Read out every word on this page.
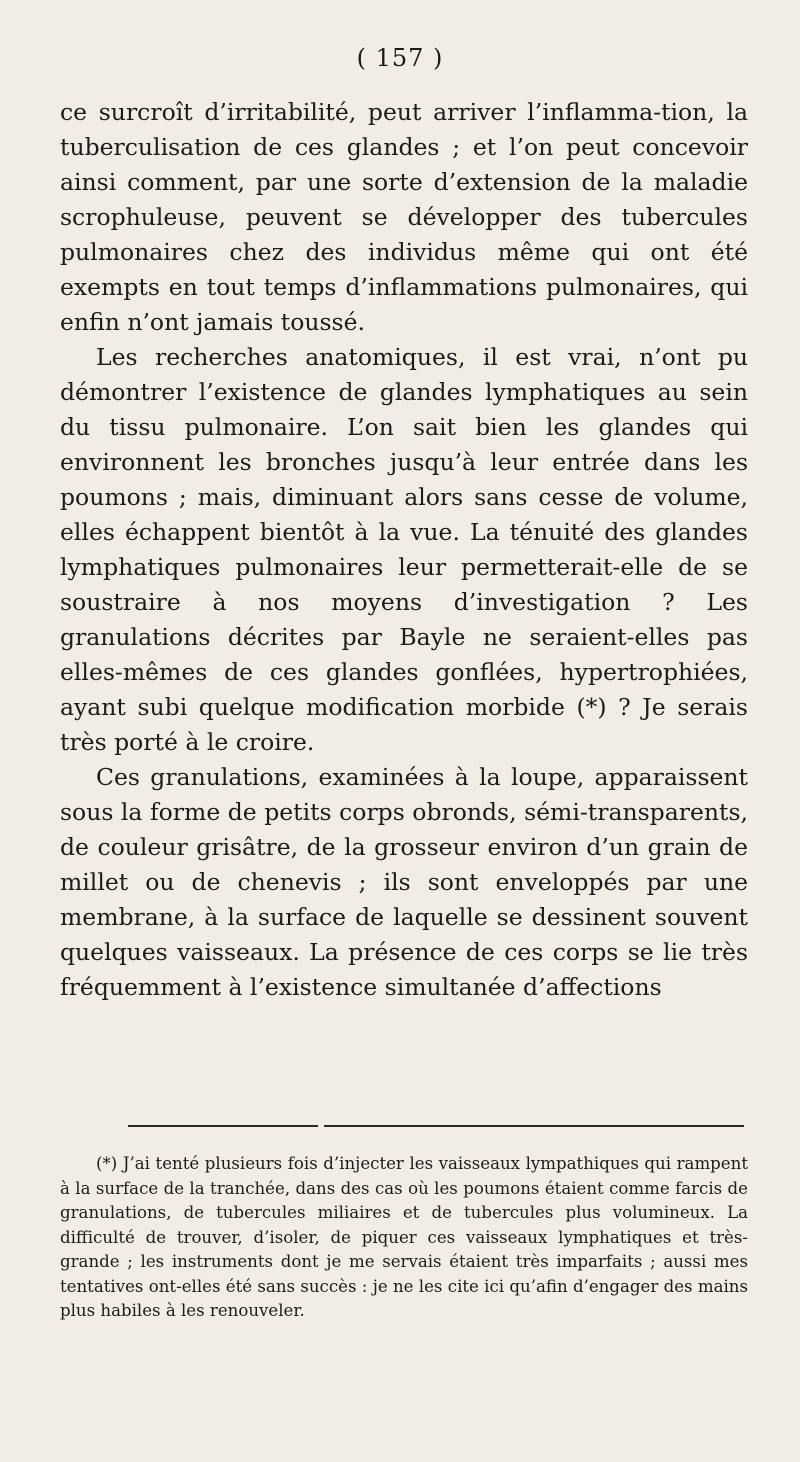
( 157 )

ce surcroît d’irritabilité, peut arriver l’inflamma-tion, la tuberculisation de ces glandes ; et l’on peut concevoir ainsi comment, par une sorte d’extension de la maladie scrophuleuse, peuvent se développer des tubercules pulmonaires chez des individus même qui ont été exempts en tout temps d’inflammations pulmonaires, qui enfin n’ont jamais toussé.

Les recherches anatomiques, il est vrai, n’ont pu démontrer l’existence de glandes lymphatiques au sein du tissu pulmonaire. L’on sait bien les glandes qui environnent les bronches jusqu’à leur entrée dans les poumons ; mais, diminuant alors sans cesse de volume, elles échappent bientôt à la vue. La ténuité des glandes lymphatiques pulmonaires leur permetterait-elle de se soustraire à nos moyens d’investigation ? Les granulations décrites par Bayle ne seraient-elles pas elles-mêmes de ces glandes gonflées, hypertrophiées, ayant subi quelque modification morbide (*) ? Je serais très porté à le croire.

Ces granulations, examinées à la loupe, apparaissent sous la forme de petits corps obronds, sémi-transparents, de couleur grisâtre, de la grosseur environ d’un grain de millet ou de chenevis ; ils sont enveloppés par une membrane, à la surface de laquelle se dessinent souvent quelques vaisseaux. La présence de ces corps se lie très fréquemment à l’existence simultanée d’affections

(*) J’ai tenté plusieurs fois d’injecter les vaisseaux lympathiques qui rampent à la surface de la tranchée, dans des cas où les poumons étaient comme farcis de granulations, de tubercules miliaires et de tubercules plus volumineux. La difficulté de trouver, d’isoler, de piquer ces vaisseaux lymphatiques et très-grande ; les instruments dont je me servais étaient très imparfaits ; aussi mes tentatives ont-elles été sans succès : je ne les cite ici qu’afin d’engager des mains plus habiles à les renouveler.
